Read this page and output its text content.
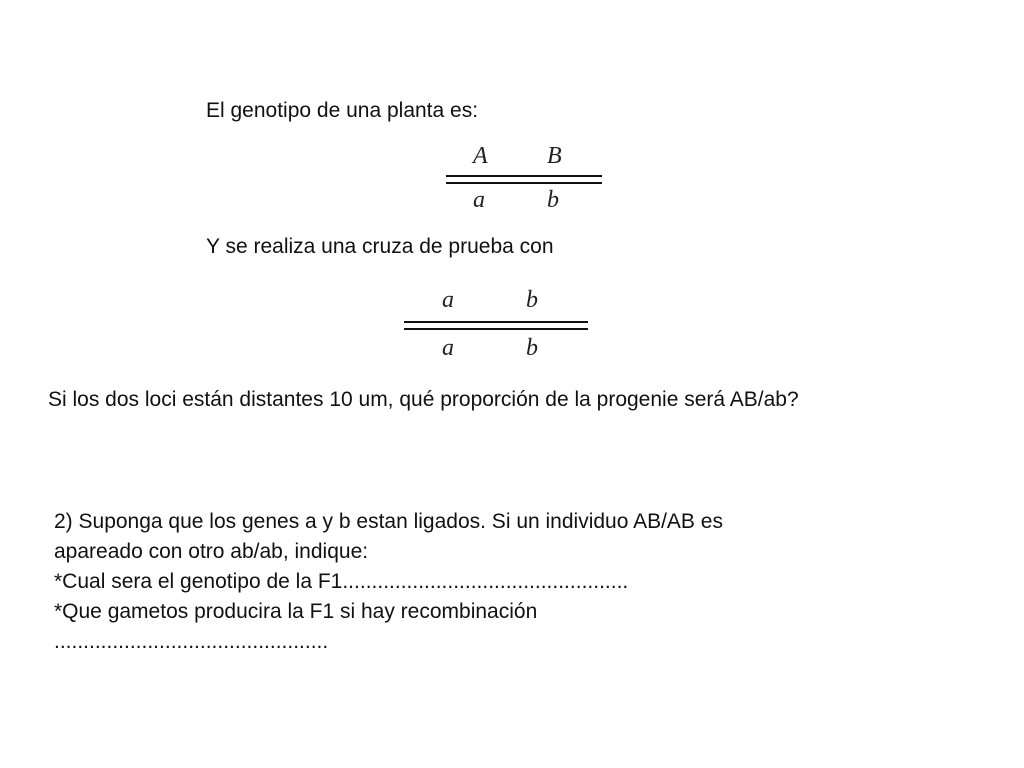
El genotipo de una planta es:
A B
a	b
Y se realiza una cruza de prueba con
a	b
a	b
Si los dos loci están distantes 10 um, qué proporción de la progenie será AB/ab?
2) Suponga que los genes a y b estan ligados. Si un individuo AB/AB es
apareado con otro ab/ab, indique:
*Cual sera el genotipo de la F1.................................................
*Que gametos producira la F1 si hay recombinación
...............................................
